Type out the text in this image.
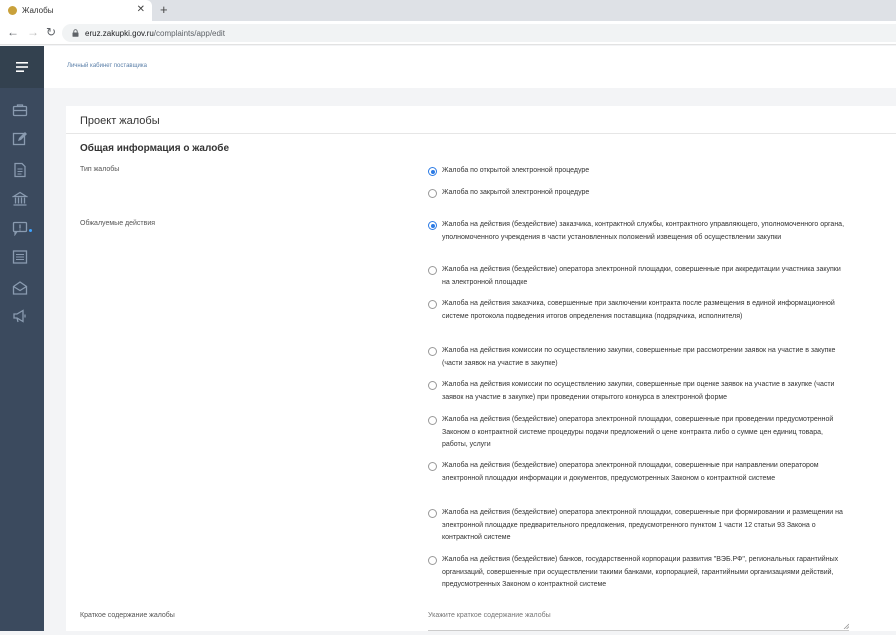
Жалобы	✕ +
← → ↻	eruz.zakupki.gov.ru /complaints/app/edit
Личный кабинет поставщика
Проект жалобы
Общая информация о жалобе
Тип жалобы	Жалоба по открытой электронной процедуре
Жалоба по закрытой электронной процедуре
Обжалуемые действия	Жалоба на действия (бездействие) заказчика, контрактной службы, контрактного управляющего, уполномоченного органа, уполномоченного учреждения в части установленных положений извещения об осуществлении закупки
Жалоба на действия (бездействие) оператора электронной площадки, совершенные при аккредитации участника закупки на электронной площадке
Жалоба на действия заказчика, совершенные при заключении контракта после размещения в единой информационной системе протокола подведения итогов определения поставщика (подрядчика, исполнителя)
Жалоба на действия комиссии по осуществлению закупки, совершенные при рассмотрении заявок на участие в закупке (части заявок на участие в закупке)
Жалоба на действия комиссии по осуществлению закупки, совершенные при оценке заявок на участие в закупке (части заявок на участие в закупке) при проведении открытого конкурса в электронной форме
Жалоба на действия (бездействие) оператора электронной площадки, совершенные при проведении предусмотренной Законом о контрактной системе процедуры подачи предложений о цене контракта либо о сумме цен единиц товара, работы, услуги
Жалоба на действия (бездействие) оператора электронной площадки, совершенные при направлении оператором электронной площадки информации и документов, предусмотренных Законом о контрактной системе
Жалоба на действия (бездействие) оператора электронной площадки, совершенные при формировании и размещении на электронной площадке предварительного предложения, предусмотренного пунктом 1 части 12 статьи 93 Закона о контрактной системе
Жалоба на действия (бездействие) банков, государственной корпорации развития "ВЭБ.РФ", региональных гарантийных организаций, совершенные при осуществлении такими банками, корпорацией, гарантийными организациями действий, предусмотренных Законом о контрактной системе
Краткое содержание жалобы
Укажите краткое содержание жалобы
